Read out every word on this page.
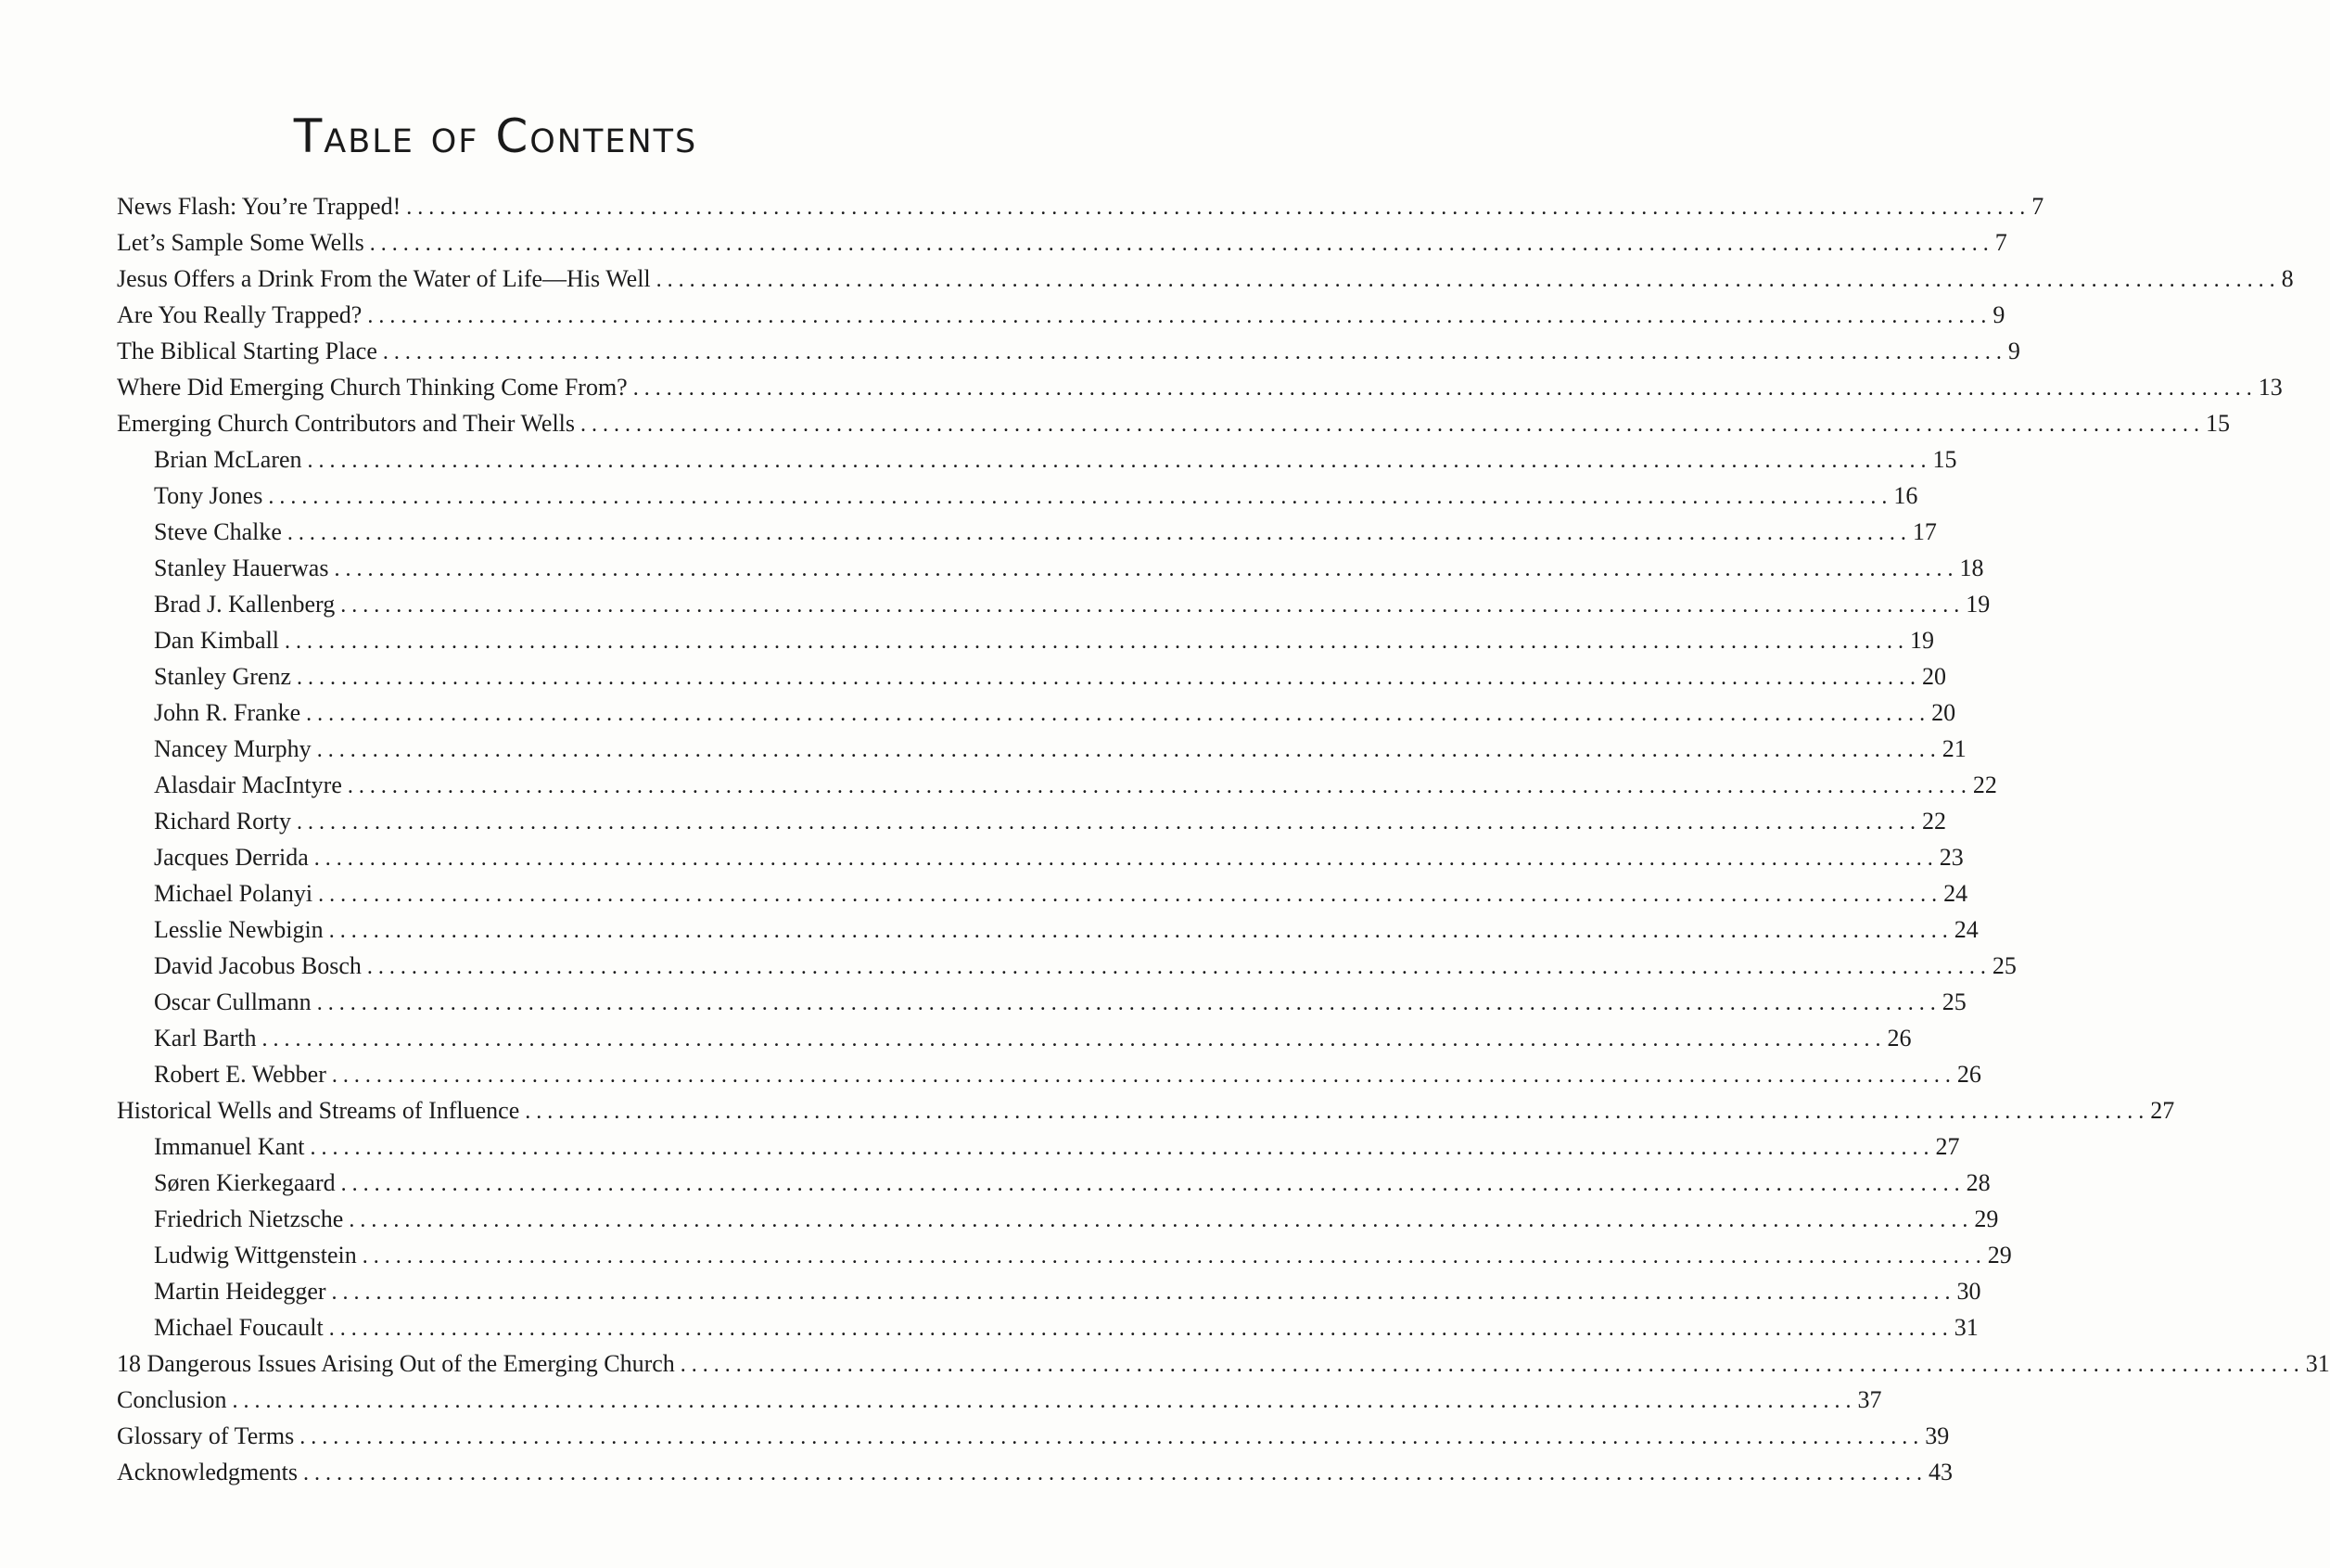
Table of Contents
News Flash: You’re Trapped! .................................................................................................................................................. 7
Let’s Sample Some Wells .................................................................................................................................................. 7
Jesus Offers a Drink From the Water of Life—His Well .................................................................................................................................................. 8
Are You Really Trapped? .................................................................................................................................................. 9
The Biblical Starting Place .................................................................................................................................................. 9
Where Did Emerging Church Thinking Come From? .................................................................................................................................................. 13
Emerging Church Contributors and Their Wells .................................................................................................................................................. 15
Brian McLaren .................................................................................................................................................. 15
Tony Jones .................................................................................................................................................. 16
Steve Chalke .................................................................................................................................................. 17
Stanley Hauerwas .................................................................................................................................................. 18
Brad J. Kallenberg .................................................................................................................................................. 19
Dan Kimball .................................................................................................................................................. 19
Stanley Grenz .................................................................................................................................................. 20
John R. Franke .................................................................................................................................................. 20
Nancey Murphy .................................................................................................................................................. 21
Alasdair MacIntyre .................................................................................................................................................. 22
Richard Rorty .................................................................................................................................................. 22
Jacques Derrida .................................................................................................................................................. 23
Michael Polanyi .................................................................................................................................................. 24
Lesslie Newbigin .................................................................................................................................................. 24
David Jacobus Bosch .................................................................................................................................................. 25
Oscar Cullmann .................................................................................................................................................. 25
Karl Barth .................................................................................................................................................. 26
Robert E. Webber .................................................................................................................................................. 26
Historical Wells and Streams of Influence .................................................................................................................................................. 27
Immanuel Kant .................................................................................................................................................. 27
Søren Kierkegaard .................................................................................................................................................. 28
Friedrich Nietzsche .................................................................................................................................................. 29
Ludwig Wittgenstein .................................................................................................................................................. 29
Martin Heidegger .................................................................................................................................................. 30
Michael Foucault .................................................................................................................................................. 31
18 Dangerous Issues Arising Out of the Emerging Church .................................................................................................................................................. 31
Conclusion .................................................................................................................................................. 37
Glossary of Terms .................................................................................................................................................. 39
Acknowledgments .................................................................................................................................................. 43
